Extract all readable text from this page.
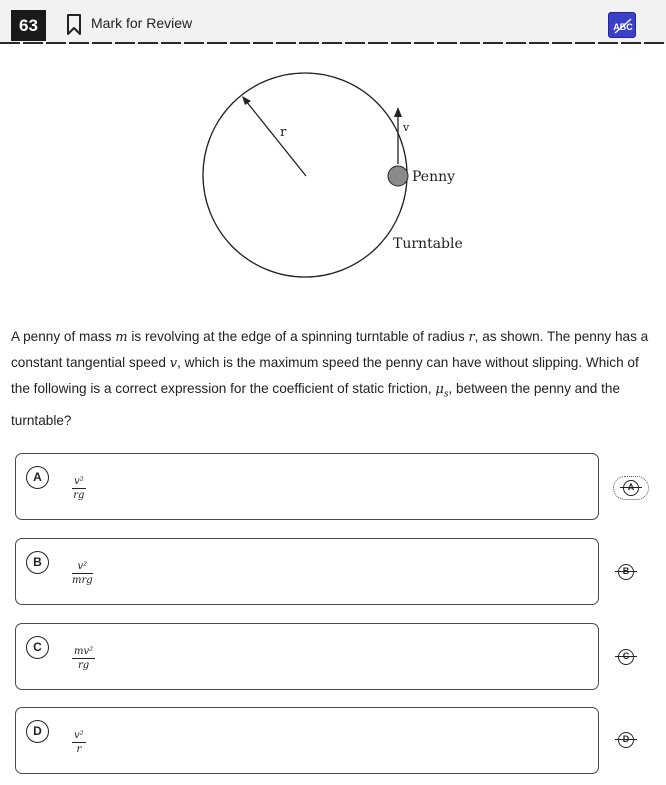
63	Mark for Review	ABC
r	v
Penny
Turntable
A penny of mass m is revolving at the edge of a spinning turntable of radius r, as shown. The penny has a constant tangential speed v, which is the maximum speed the penny can have without slipping. Which of the following is a correct expression for the coefficient of static friction, $\mu_s$, between the penny and the turntable?
A	$\frac{\text{v²}}{rg}$
B	v²
mrg
C	$\frac{\text{mv²}}{rg}$
D	$\frac{\text{v²}}{r}$
